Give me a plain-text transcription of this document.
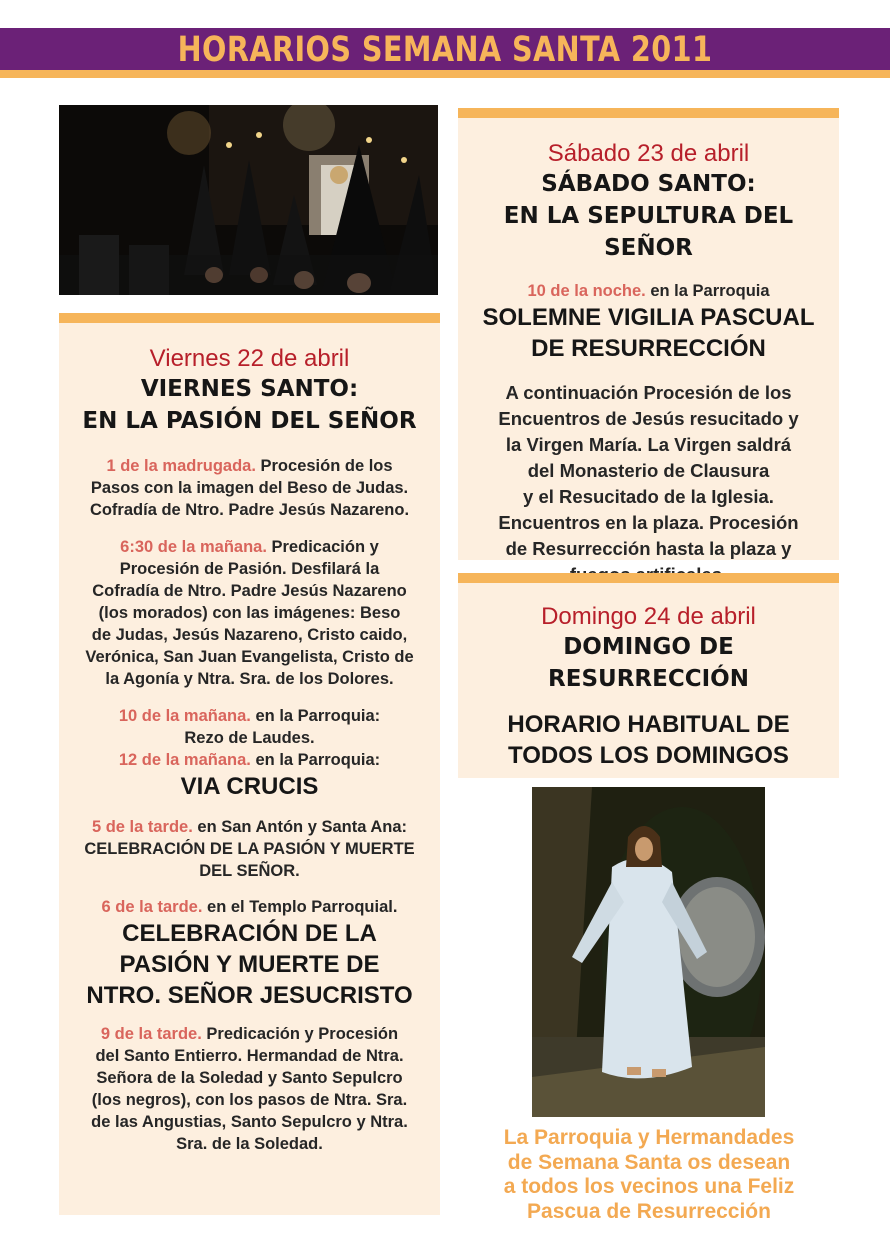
HORARIOS SEMANA SANTA 2011
Viernes 22 de abril
VIERNES SANTO:
EN LA PASIÓN DEL SEÑOR
1 de la madrugada. Procesión de los
Pasos con la imagen del Beso de Judas.
Cofradía de Ntro. Padre Jesús Nazareno.
6:30 de la mañana. Predicación y
Procesión de Pasión. Desfilará la
Cofradía de Ntro. Padre Jesús Nazareno
(los morados) con las imágenes: Beso
de Judas, Jesús Nazareno, Cristo caido,
Verónica, San Juan Evangelista, Cristo de
la Agonía y Ntra. Sra. de los Dolores.
10 de la mañana. en la Parroquia:
Rezo de Laudes.
12 de la mañana. en la Parroquia:
VIA CRUCIS
5 de la tarde. en San Antón y Santa Ana:
CELEBRACIÓN DE LA PASIÓN Y MUERTE
DEL SEÑOR.
6 de la tarde. en el Templo Parroquial.
CELEBRACIÓN DE LA
PASIÓN Y MUERTE DE
NTRO. SEÑOR JESUCRISTO
9 de la tarde. Predicación y Procesión
del Santo Entierro. Hermandad de Ntra.
Señora de la Soledad y Santo Sepulcro
(los negros), con los pasos de Ntra. Sra.
de las Angustias, Santo Sepulcro y Ntra.
Sra. de la Soledad.
Sábado 23 de abril
SÁBADO SANTO:
EN LA SEPULTURA DEL SEÑOR
10 de la noche. en la Parroquia
SOLEMNE VIGILIA PASCUAL
DE RESURRECCIÓN
A continuación Procesión de los
Encuentros de Jesús resucitado y
la Virgen María. La Virgen saldrá
del Monasterio de Clausura
y el Resucitado de la Iglesia.
Encuentros en la plaza. Procesión
de Resurrección hasta la plaza y
Domingo 24 de abril
DOMINGO DE
RESURRECCIÓN
HORARIO HABITUAL DE
TODOS LOS DOMINGOS
La Parroquia y Hermandades
de Semana Santa os desean
a todos los vecinos una Feliz
Pascua de Resurrección
